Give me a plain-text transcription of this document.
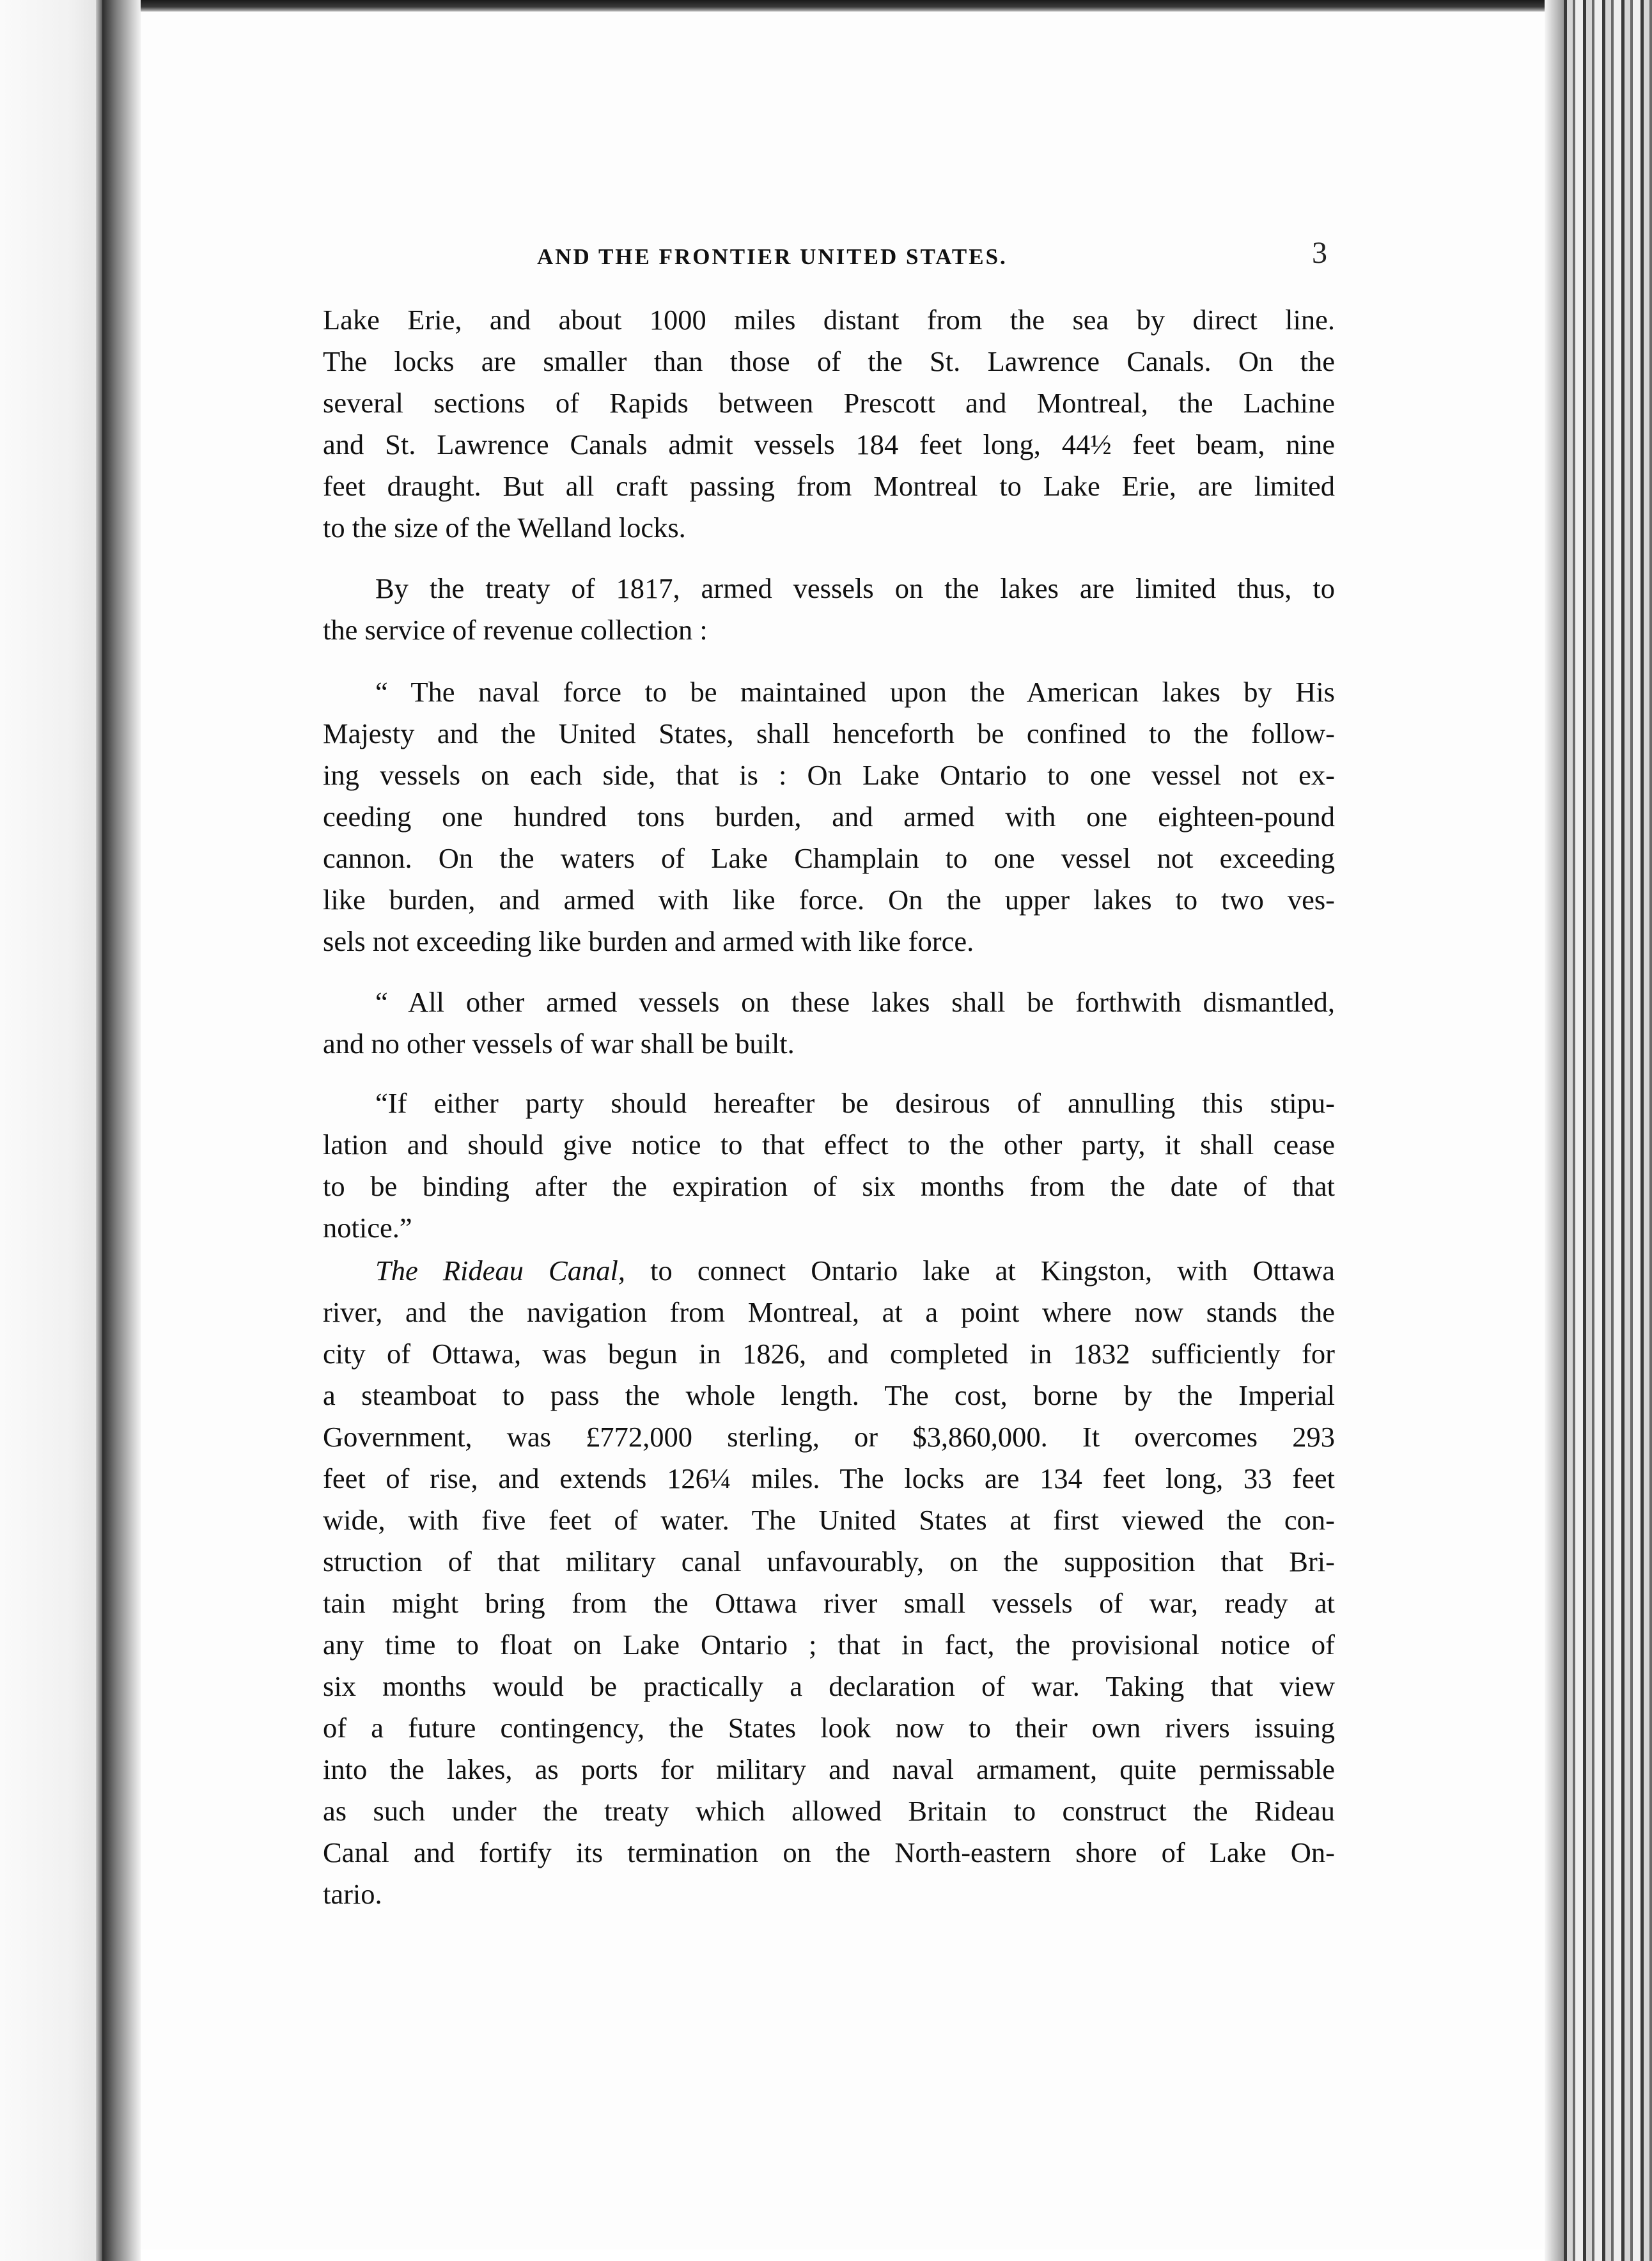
AND THE FRONTIER UNITED STATES.	3

Lake Erie, and about 1000 miles distant from the sea by direct line.
The locks are smaller than those of the St. Lawrence Canals. On the
several sections of Rapids between Prescott and Montreal, the Lachine
and St. Lawrence Canals admit vessels 184 feet long, 44½ feet beam, nine
feet draught. But all craft passing from Montreal to Lake Erie, are limited
to the size of the Welland locks.

By the treaty of 1817, armed vessels on the lakes are limited thus, to
the service of revenue collection :

“ The naval force to be maintained upon the American lakes by His
Majesty and the United States, shall henceforth be confined to the follow-
ing vessels on each side, that is : On Lake Ontario to one vessel not ex-
ceeding one hundred tons burden, and armed with one eighteen-pound
cannon. On the waters of Lake Champlain to one vessel not exceeding
like burden, and armed with like force. On the upper lakes to two ves-
sels not exceeding like burden and armed with like force.

“ All other armed vessels on these lakes shall be forthwith dismantled,
and no other vessels of war shall be built.

“If either party should hereafter be desirous of annulling this stipu-
lation and should give notice to that effect to the other party, it shall cease
to be binding after the expiration of six months from the date of that
notice.”

The Rideau Canal, to connect Ontario lake at Kingston, with Ottawa
river, and the navigation from Montreal, at a point where now stands the
city of Ottawa, was begun in 1826, and completed in 1832 sufficiently for
a steamboat to pass the whole length. The cost, borne by the Imperial
Government, was £772,000 sterling, or $3,860,000. It overcomes 293
feet of rise, and extends 126¼ miles. The locks are 134 feet long, 33 feet
wide, with five feet of water. The United States at first viewed the con-
struction of that military canal unfavourably, on the supposition that Bri-
tain might bring from the Ottawa river small vessels of war, ready at
any time to float on Lake Ontario ; that in fact, the provisional notice of
six months would be practically a declaration of war. Taking that view
of a future contingency, the States look now to their own rivers issuing
into the lakes, as ports for military and naval armament, quite permissable
as such under the treaty which allowed Britain to construct the Rideau
Canal and fortify its termination on the North-eastern shore of Lake On-
tario.
